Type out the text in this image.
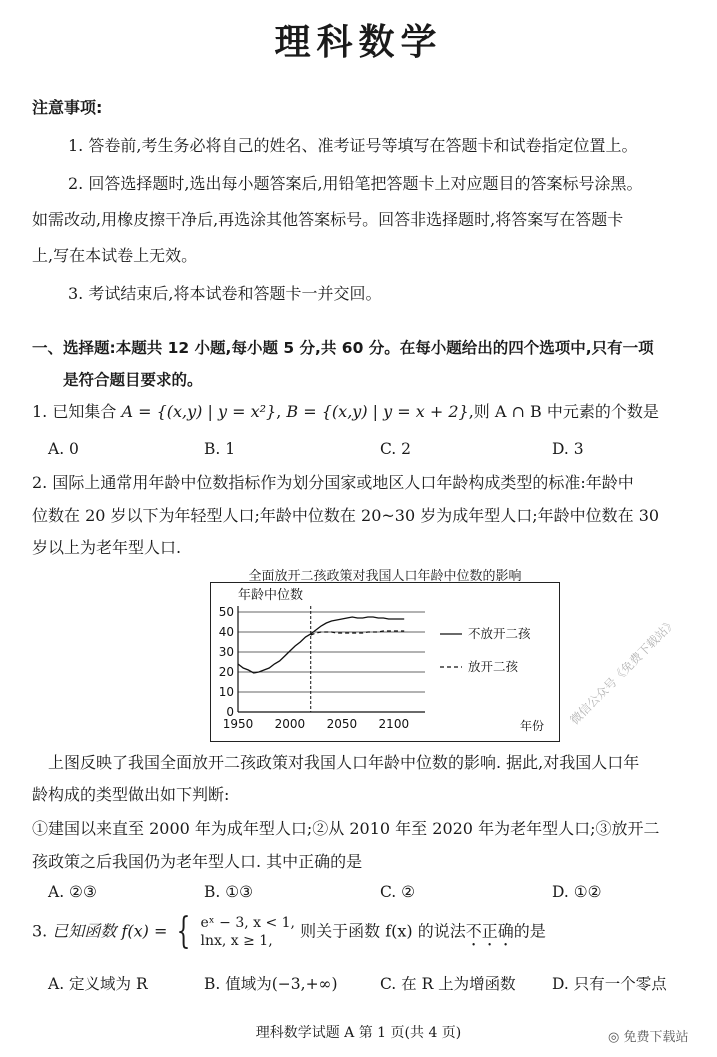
理科数学
注意事项:
1. 答卷前,考生务必将自己的姓名、准考证号等填写在答题卡和试卷指定位置上。
2. 回答选择题时,选出每小题答案后,用铅笔把答题卡上对应题目的答案标号涂黑。
如需改动,用橡皮擦干净后,再选涂其他答案标号。回答非选择题时,将答案写在答题卡
上,写在本试卷上无效。
3. 考试结束后,将本试卷和答题卡一并交回。
一、选择题:本题共 12 小题,每小题 5 分,共 60 分。在每小题给出的四个选项中,只有一项
是符合题目要求的。
1. 已知集合 A = {(x,y) | y = x²}, B = {(x,y) | y = x + 2},则 A ∩ B 中元素的个数是
A. 0	B. 1	C. 2	D. 3
2. 国际上通常用年龄中位数指标作为划分国家或地区人口年龄构成类型的标准:年龄中
位数在 20 岁以下为年轻型人口;年龄中位数在 20~30 岁为成年型人口;年龄中位数在 30
岁以上为老年型人口.
全面放开二孩政策对我国人口年龄中位数的影响
0
10
20
30
40
50
1950 2000 2050 2100
年龄中位数
年份
不放开二孩
放开二孩
上图反映了我国全面放开二孩政策对我国人口年龄中位数的影响. 据此,对我国人口年
龄构成的类型做出如下判断:
①建国以来直至 2000 年为成年型人口;②从 2010 年至 2020 年为老年型人口;③放开二
孩政策之后我国仍为老年型人口. 其中正确的是
A. ②③	B. ①③	C. ②	D. ①②
3. 已知函数 f(x) = { eˣ − 3, x < 1,
lnx, x ≥ 1,
则关于函数 f(x) 的说法不正确的是
A. 定义域为 R	B. 值域为(−3,+∞)	C. 在 R 上为增函数 D. 只有一个零点
理科数学试题 A 第 1 页(共 4 页)
微信公众号《免费下载站》
◎ 免费下载站
